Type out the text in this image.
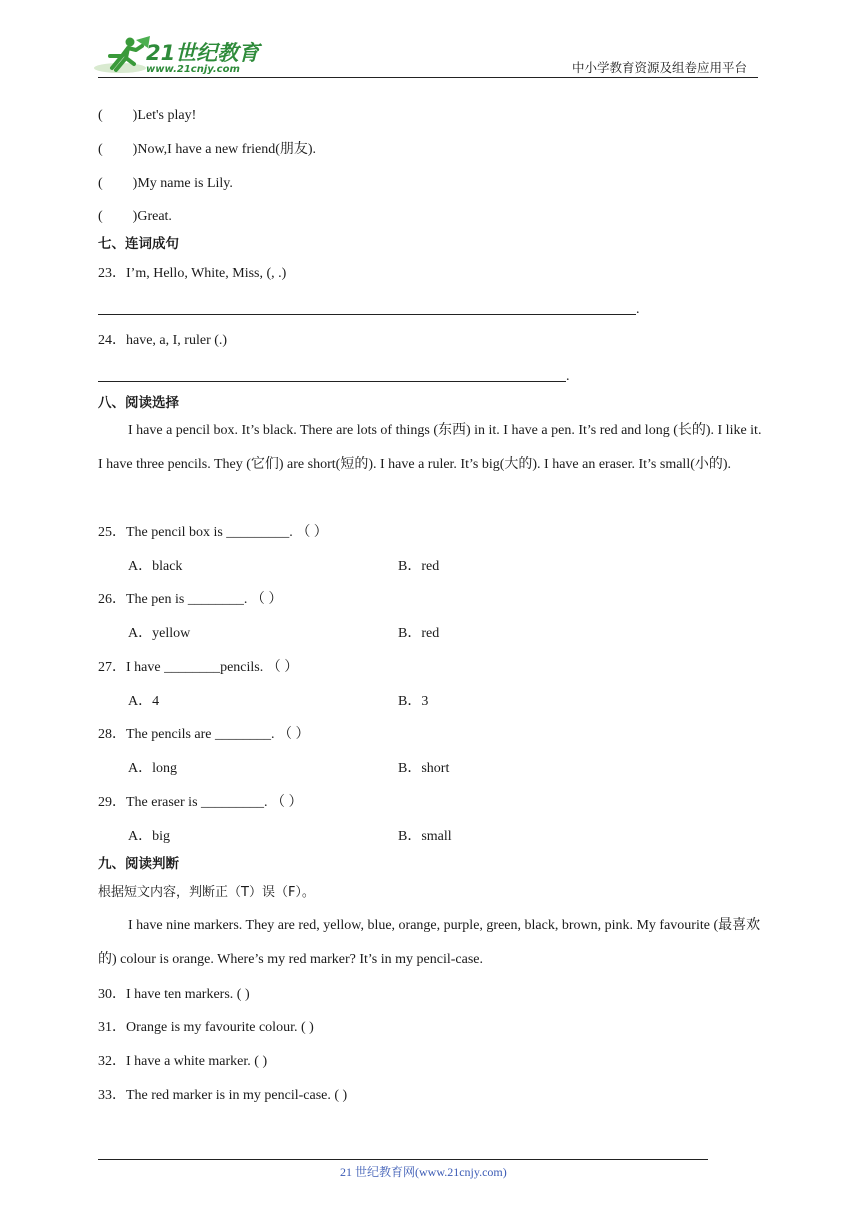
21世纪教育
www.21cnjy.com	中小学教育资源及组卷应用平台
( )Let's play!
( )Now,I have a new friend(朋友).
( )My name is Lily.
( )Great.
七、连词成句
23．I’m, Hello, White, Miss, (, .)
.
24．have, a, I, ruler (.)
.
八、阅读选择
I have a pencil box. It’s black. There are lots of things (东西) in it. I have a pen. It’s red and long (长的). I like it. I have three pencils. They (它们) are short(短的). I have a ruler. It’s big(大的). I have an eraser. It’s small(小的).
25．The pencil box is _________. （ ）
A．black	B．red
26．The pen is ________. （ ）
A．yellow	B．red
27．I have ________pencils. （ ）
A．4	B．3
28．The pencils are ________. （ ）
A．long	B．short
29．The eraser is _________. （ ）
A．big	B．small
九、阅读判断
根据短文内容，判断正（T）误（F）。
I have nine markers. They are red, yellow, blue, orange, purple, green, black, brown, pink. My favourite (最喜欢的) colour is orange. Where’s my red marker? It’s in my pencil-case.
30．I have ten markers. ( )
31．Orange is my favourite colour. ( )
32．I have a white marker. ( )
33．The red marker is in my pencil-case. ( )
21 世纪教育网(www.21cnjy.com)
